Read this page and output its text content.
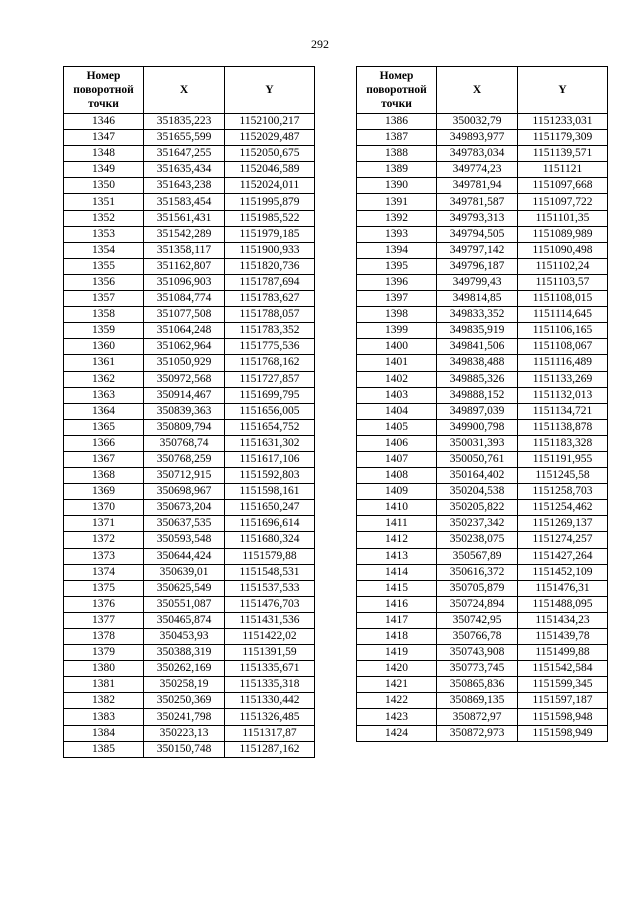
292
Номер
поворотной
точки	X	Y
1346	351835,223	1152100,217
1347	351655,599	1152029,487
1348	351647,255	1152050,675
1349	351635,434	1152046,589
1350	351643,238	1152024,011
1351	351583,454	1151995,879
1352	351561,431	1151985,522
1353	351542,289	1151979,185
1354	351358,117	1151900,933
1355	351162,807	1151820,736
1356	351096,903	1151787,694
1357	351084,774	1151783,627
1358	351077,508	1151788,057
1359	351064,248	1151783,352
1360	351062,964	1151775,536
1361	351050,929	1151768,162
1362	350972,568	1151727,857
1363	350914,467	1151699,795
1364	350839,363	1151656,005
1365	350809,794	1151654,752
1366	350768,74	1151631,302
1367	350768,259	1151617,106
1368	350712,915	1151592,803
1369	350698,967	1151598,161
1370	350673,204	1151650,247
1371	350637,535	1151696,614
1372	350593,548	1151680,324
1373	350644,424	1151579,88
1374	350639,01	1151548,531
1375	350625,549	1151537,533
1376	350551,087	1151476,703
1377	350465,874	1151431,536
1378	350453,93	1151422,02
1379	350388,319	1151391,59
1380	350262,169	1151335,671
1381	350258,19	1151335,318
1382	350250,369	1151330,442
1383	350241,798	1151326,485
1384	350223,13	1151317,87
1385	350150,748	1151287,162
Номер
поворотной
точки	X	Y
1386	350032,79	1151233,031
1387	349893,977	1151179,309
1388	349783,034	1151139,571
1389	349774,23	1151121
1390	349781,94	1151097,668
1391	349781,587	1151097,722
1392	349793,313	1151101,35
1393	349794,505	1151089,989
1394	349797,142	1151090,498
1395	349796,187	1151102,24
1396	349799,43	1151103,57
1397	349814,85	1151108,015
1398	349833,352	1151114,645
1399	349835,919	1151106,165
1400	349841,506	1151108,067
1401	349838,488	1151116,489
1402	349885,326	1151133,269
1403	349888,152	1151132,013
1404	349897,039	1151134,721
1405	349900,798	1151138,878
1406	350031,393	1151183,328
1407	350050,761	1151191,955
1408	350164,402	1151245,58
1409	350204,538	1151258,703
1410	350205,822	1151254,462
1411	350237,342	1151269,137
1412	350238,075	1151274,257
1413	350567,89	1151427,264
1414	350616,372	1151452,109
1415	350705,879	1151476,31
1416	350724,894	1151488,095
1417	350742,95	1151434,23
1418	350766,78	1151439,78
1419	350743,908	1151499,88
1420	350773,745	1151542,584
1421	350865,836	1151599,345
1422	350869,135	1151597,187
1423	350872,97	1151598,948
1424	350872,973	1151598,949
